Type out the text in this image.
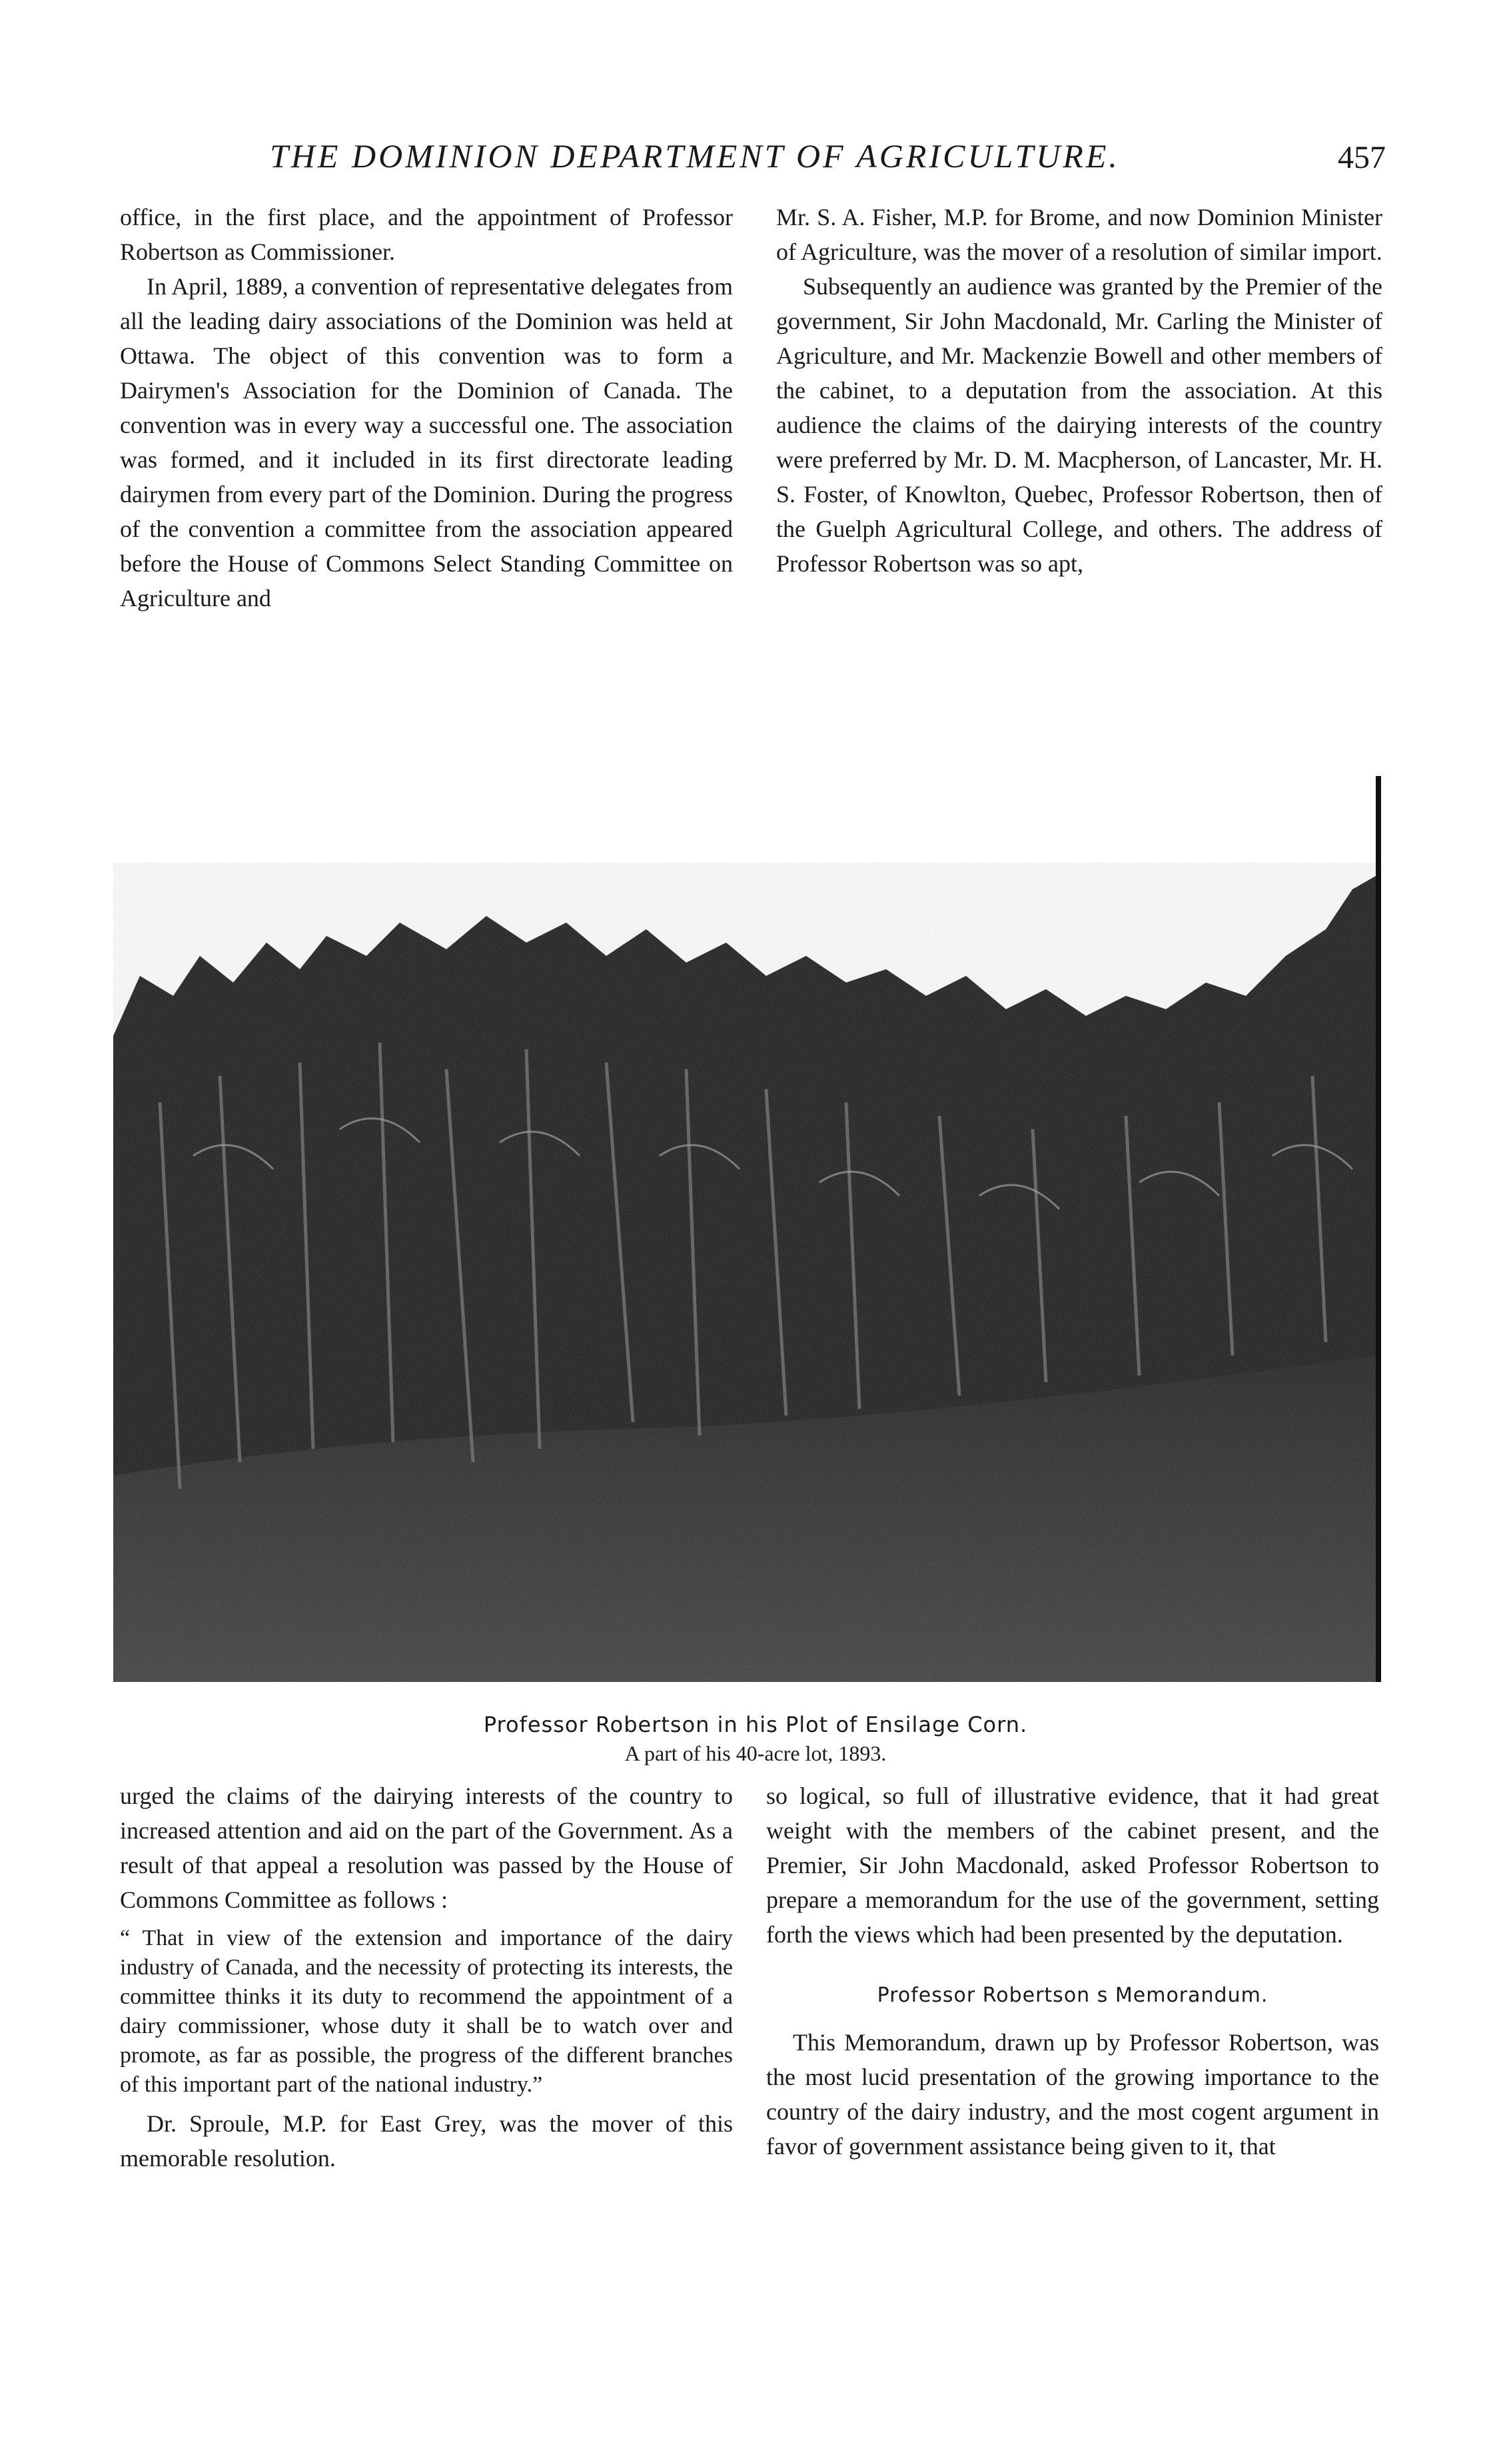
THE DOMINION DEPARTMENT OF AGRICULTURE.	457

office, in the first place, and the appointment of Professor Robertson as Commissioner.

In April, 1889, a convention of representative delegates from all the leading dairy associations of the Dominion was held at Ottawa. The object of this convention was to form a Dairymen's Association for the Dominion of Canada. The convention was in every way a successful one. The association was formed, and it included in its first directorate leading dairymen from every part of the Dominion. During the progress of the convention a committee from the association appeared before the House of Commons Select Standing Committee on Agriculture and

Mr. S. A. Fisher, M.P. for Brome, and now Dominion Minister of Agriculture, was the mover of a resolution of similar import.

Subsequently an audience was granted by the Premier of the government, Sir John Macdonald, Mr. Carling the Minister of Agriculture, and Mr. Mackenzie Bowell and other members of the cabinet, to a deputation from the association. At this audience the claims of the dairying interests of the country were preferred by Mr. D. M. Macpherson, of Lancaster, Mr. H. S. Foster, of Knowlton, Quebec, Professor Robertson, then of the Guelph Agricultural College, and others. The address of Professor Robertson was so apt,

Professor Robertson in his Plot of Ensilage Corn.
A part of his 40-acre lot, 1893.

urged the claims of the dairying interests of the country to increased attention and aid on the part of the Government. As a result of that appeal a resolution was passed by the House of Commons Committee as follows :

“ That in view of the extension and importance of the dairy industry of Canada, and the necessity of protecting its interests, the committee thinks it its duty to recommend the appointment of a dairy commissioner, whose duty it shall be to watch over and promote, as far as possible, the progress of the different branches of this important part of the national industry.”

Dr. Sproule, M.P. for East Grey, was the mover of this memorable resolution.

so logical, so full of illustrative evidence, that it had great weight with the members of the cabinet present, and the Premier, Sir John Macdonald, asked Professor Robertson to prepare a memorandum for the use of the government, setting forth the views which had been presented by the deputation.

Professor Robertson s Memorandum.

This Memorandum, drawn up by Professor Robertson, was the most lucid presentation of the growing importance to the country of the dairy industry, and the most cogent argument in favor of government assistance being given to it, that
